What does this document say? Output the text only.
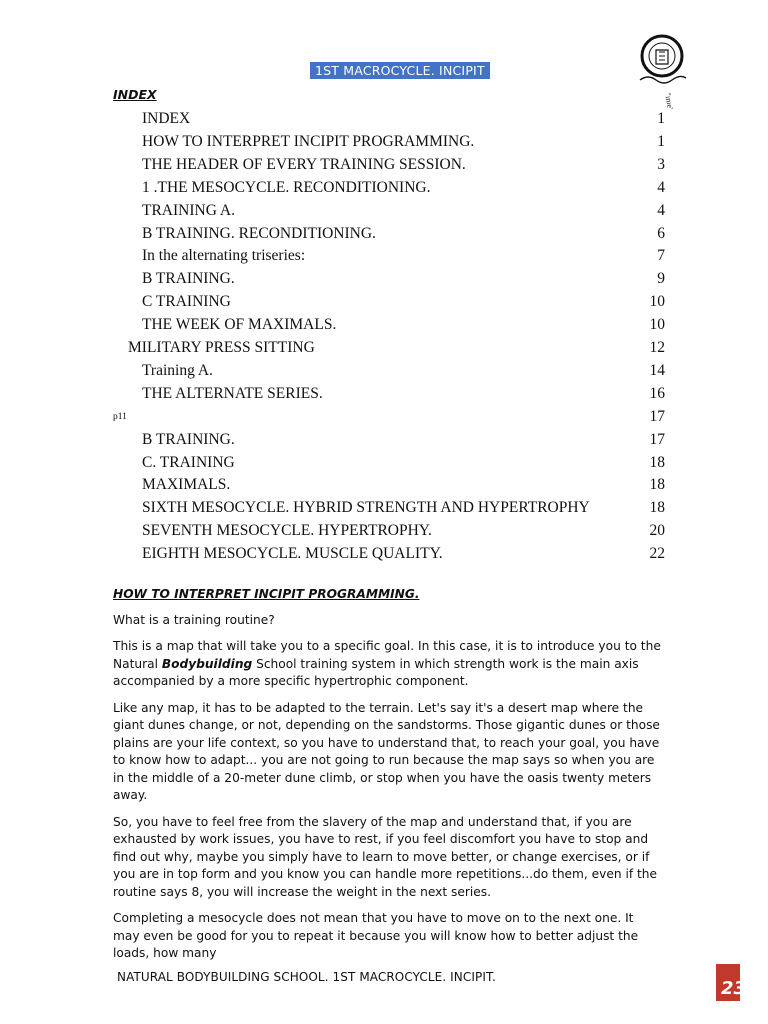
1ST MACROCYCLE. INCIPIT
"ınıe'
INDEX
INDEX	1
HOW TO INTERPRET INCIPIT PROGRAMMING.	1
THE HEADER OF EVERY TRAINING SESSION.	3
1 .THE MESOCYCLE. RECONDITIONING.	4
TRAINING A.	4
B TRAINING. RECONDITIONING.	6
In the alternating triseries:	7
B TRAINING.	9
C TRAINING	10
THE WEEK OF MAXIMALS.	10
MILITARY PRESS SITTING	12
Training A.	14
THE ALTERNATE SERIES.	16
p11	17
B TRAINING.	17
C. TRAINING	18
MAXIMALS.	18
SIXTH MESOCYCLE. HYBRID STRENGTH AND HYPERTROPHY	18
SEVENTH MESOCYCLE. HYPERTROPHY.	20
EIGHTH MESOCYCLE. MUSCLE QUALITY.	22

HOW TO INTERPRET INCIPIT PROGRAMMING.

What is a training routine?

This is a map that will take you to a specific goal. In this case, it is to introduce you to the Natural Bodybuilding School training system in which strength work is the main axis accompanied by a more specific hypertrophic component.

Like any map, it has to be adapted to the terrain. Let's say it's a desert map where the giant dunes change, or not, depending on the sandstorms. Those gigantic dunes or those plains are your life context, so you have to understand that, to reach your goal, you have to know how to adapt... you are not going to run because the map says so when you are in the middle of a 20-meter dune climb, or stop when you have the oasis twenty meters away.

So, you have to feel free from the slavery of the map and understand that, if you are exhausted by work issues, you have to rest, if you feel discomfort you have to stop and find out why, maybe you simply have to learn to move better, or change exercises, or if you are in top form and you know you can handle more repetitions...do them, even if the routine says 8, you will increase the weight in the next series.

Completing a mesocycle does not mean that you have to move on to the next one. It may even be good for you to repeat it because you will know how to better adjust the loads, how many

NATURAL BODYBUILDING SCHOOL. 1ST MACROCYCLE. INCIPIT.
23
